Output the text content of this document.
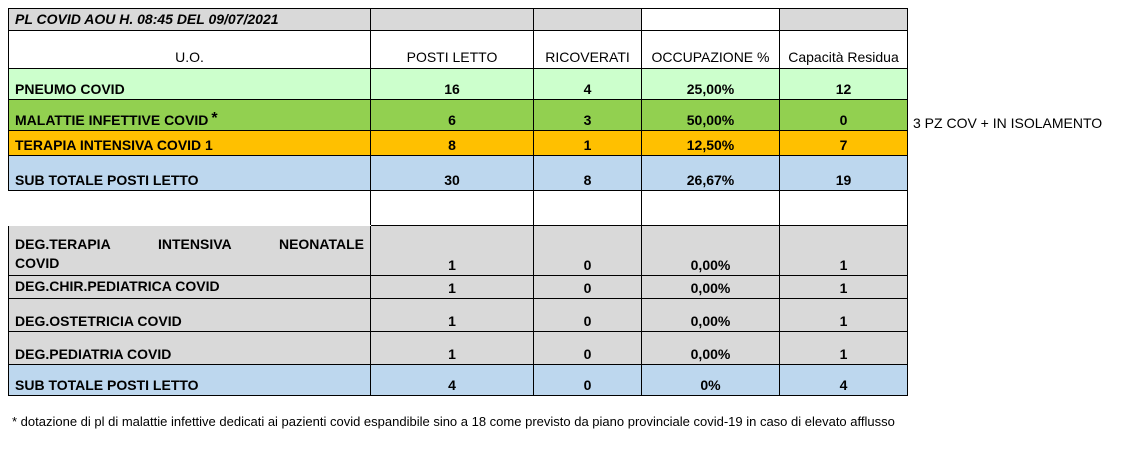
PL COVID AOU H. 08:45 DEL 09/07/2021				
U.O.	POSTI LETTO	RICOVERATI	OCCUPAZIONE %	Capacità Residua
PNEUMO COVID	16	4	25,00%	12
MALATTIE INFETTIVE COVID *	6	3	50,00%	0
TERAPIA INTENSIVA COVID 1	8	1	12,50%	7
SUB TOTALE POSTI LETTO	30	8	26,67%	19

DEG.TERAPIA INTENSIVA NEONATALE
COVID	1	0	0,00%	1
DEG.CHIR.PEDIATRICA COVID	1	0	0,00%	1
DEG.OSTETRICIA COVID	1	0	0,00%	1
DEG.PEDIATRIA COVID	1	0	0,00%	1
SUB TOTALE POSTI LETTO	4	0	0%	4
3 PZ COV + IN ISOLAMENTO
* dotazione di pl di malattie infettive dedicati ai pazienti covid espandibile sino a 18 come previsto da piano provinciale covid-19 in caso di elevato afflusso
